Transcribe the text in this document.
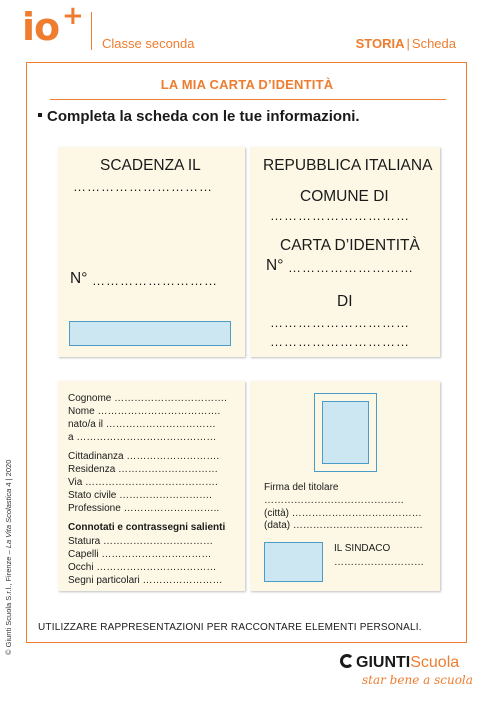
io +
Classe seconda	STORIA | Scheda
LA MIA CARTA D’IDENTITÀ
Completa la scheda con le tue informazioni.
SCADENZA IL
…………………………
N° ………………………
REPUBBLICA ITALIANA
COMUNE DI
…………………………
CARTA D’IDENTITÀ
N° ………………………
DI
…………………………
…………………………
Cognome …………………………….
Nome ……………………………….
nato/a il ……………………………
a ……………………………………
Cittadinanza ……………………….
Residenza …………………………
Via ………………………………….
Stato civile ……………………….
Professione ………………………..
Connotati e contrassegni salienti
Statura ……………………………
Capelli ……………………………
Occhi ………………………………
Segni particolari ……………………
Firma del titolare
……………………………………
(città) …………………………………
(data) …………………………………
IL SINDACO
………………………
UTILIZZARE RAPPRESENTAZIONI PER RACCONTARE ELEMENTI PERSONALI.
© Giunti Scuola S.r.l., Firenze – La Vita Scolastica 4 | 2020
GIUNTIScuola
star bene a scuola
